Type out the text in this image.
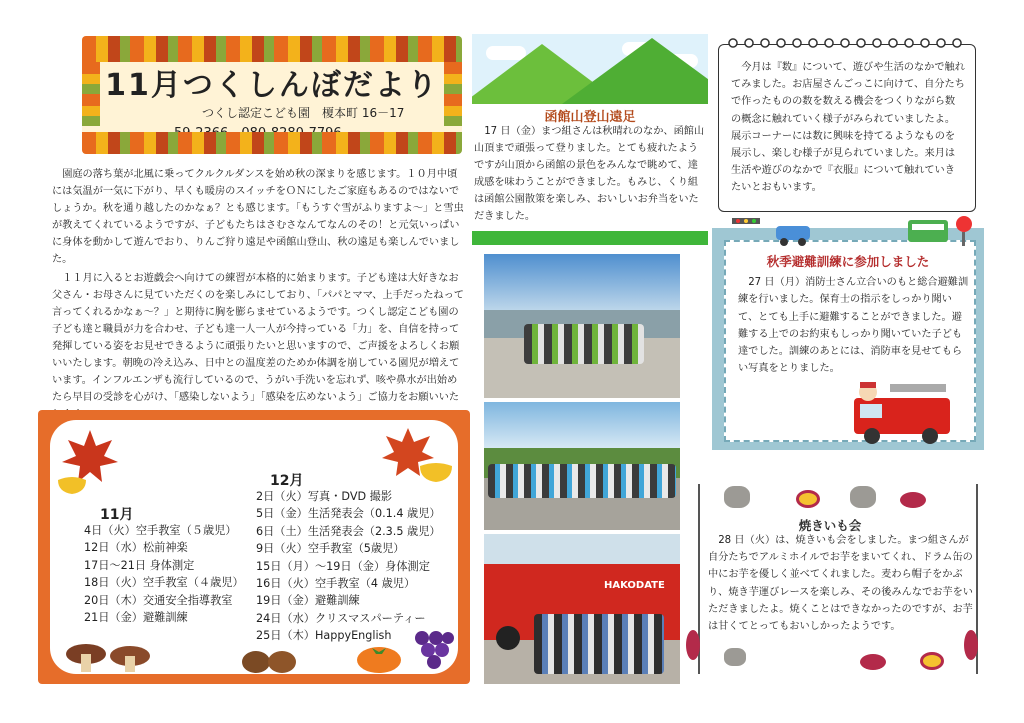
11月つくしんぼだより
つくし認定こども園　榎本町 16－17

園庭の落ち葉が北風に乗ってクルクルダンスを始め秋の深まりを感じます。１０月中頃には気温が一気に下がり、早くも暖房のスイッチをＯＮにしたご家庭もあるのではないでしょうか。秋を通り越したのかなぁ？とも感じます。「もうすぐ雪がふりますよ～」と雪虫が教えてくれているようですが、子どもたちはさむさなんてなんのその！と元気いっぱいに身体を動かして遊んでおり、りんご狩り遠足や函館山登山、秋の遠足も楽しんでいました。

１１月に入るとお遊戯会へ向けての練習が本格的に始まります。子ども達は大好きなお父さん・お母さんに見ていただくのを楽しみにしており、「パパとママ、上手だったねって言ってくれるかなぁ～？」と期待に胸を膨らませているようです。つくし認定こども園の子ども達と職員が力を合わせ、子ども達一人一人が今持っている「力」を、自信を持って発揮している姿をお見せできるように頑張りたいと思いますので、ご声援をよろしくお願いいたします。朝晩の冷え込み、日中との温度差のためか体調を崩している園児が増えています。インフルエンザも流行しているので、うがい手洗いを忘れず、咳や鼻水が出始めたら早目の受診を心がけ、「感染しないよう」「感染を広めないよう」ご協力をお願いいた

11月
4日（火）空手教室（５歳児）
12日（水）松前神楽
17日～21日 身体測定
18日（火）空手教室（４歳児）
20日（木）交通安全指導教室
21日（金）避難訓練
12月
2日（火）写真・DVD 撮影
5日（金）生活発表会（0.1.4 歳児）
6日（土）生活発表会（2.3.5 歳児）
9日（火）空手教室（5歳児）
15日（月）～19日（金）身体測定
16日（火）空手教室（4 歳児）
19日（金）避難訓練
24日（水）クリスマスパーティー
25日（木）HappyEnglish
函館山登山遠足

17 日（金）まつ組さんは秋晴れのなか、函館山山頂まで頑張って登りました。とても疲れたようですが山頂から函館の景色をみんなで眺めて、達成感を味わうことができました。もみじ、くり組は函館公園散策を楽しみ、おいしいお弁当をいただきました。

HAKODATE

今月は『数』について、遊びや生活のなかで触れてみました。お店屋さんごっこに向けて、自分たちで作ったものの数を数える機会をつくりながら数の概念に触れていく様子がみられていましたよ。展示コーナーには数に興味を持てるようなものを展示し、楽しむ様子が見られていました。来月は生活や遊びのなかで『衣服』について触れていきたいとおもいます。

秋季避難訓練に参加しました

27 日（月）消防士さん立合いのもと総合避難訓練を行いました。保育士の指示をしっかり聞いて、とても上手に避難することができました。避難する上でのお約束もしっかり聞いていた子ども達でした。訓練のあとには、消防車を見せてもらい写真をとりました。

焼きいも会

28 日（火）は、焼きいも会をしました。まつ組さんが自分たちでアルミホイルでお芋をまいてくれ、ドラム缶の中にお芋を優しく並べてくれました。麦わら帽子をかぶり、焼き芋運びレースを楽しみ、その後みんなでお芋をいただきましたよ。焼くことはできなかったのですが、お芋は甘くてとってもおいしかったようです。
